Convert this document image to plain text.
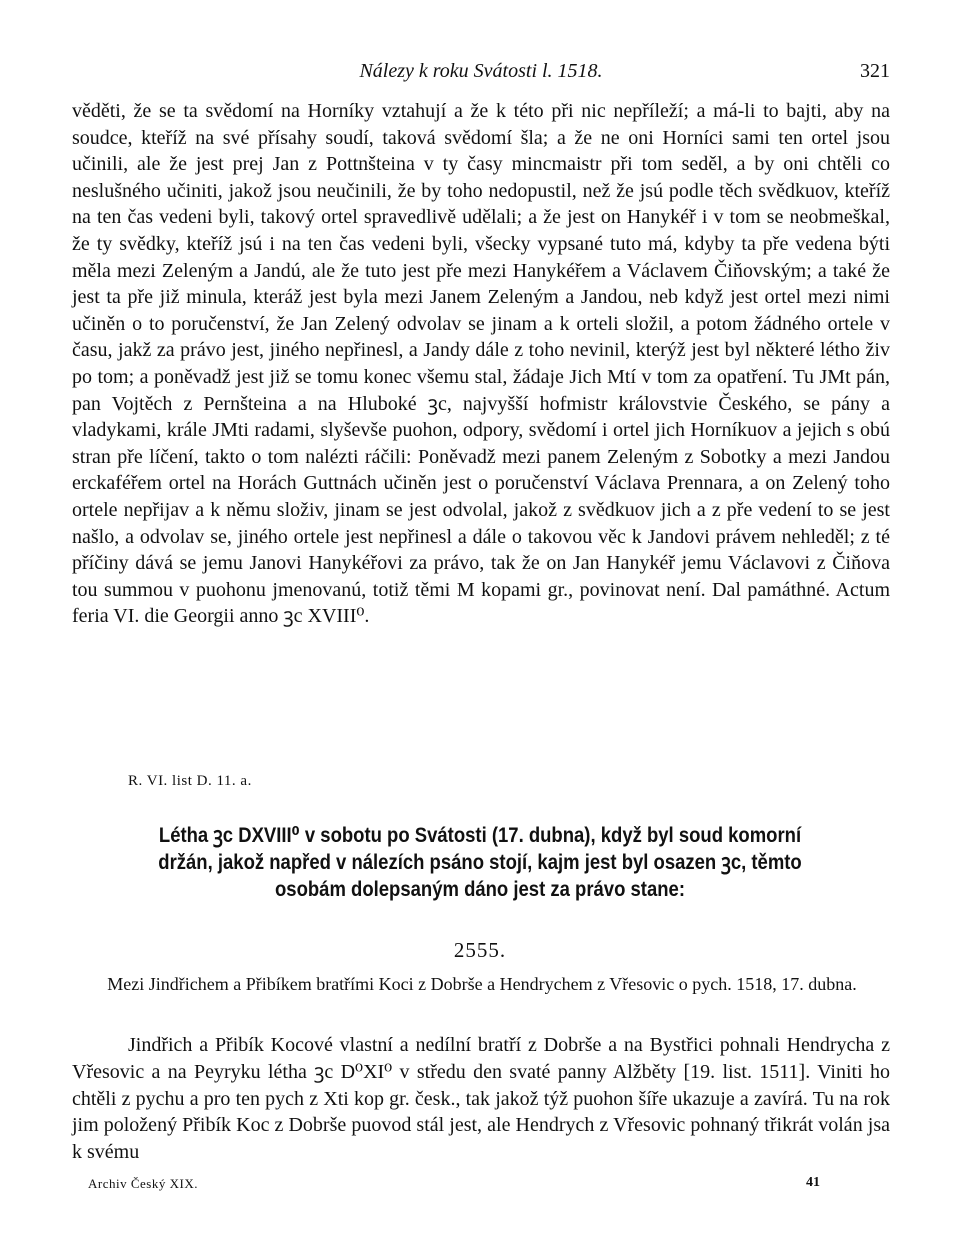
Nálezy k roku Svátosti l. 1518.	321

věděti, že se ta svědomí na Horníky vztahují a že k této při nic nepříleží; a má-li to bajti, aby na soudce, kteříž na své přísahy soudí, taková svědomí šla; a že ne oni Horníci sami ten ortel jsou učinili, ale že jest prej Jan z Pottnšteina v ty časy mincmaistr při tom seděl, a by oni chtěli co neslušného učiniti, jakož jsou neučinili, že by toho nedopustil, než že jsú podle těch svědkuov, kteříž na ten čas vedeni byli, takový ortel spravedlivě udělali; a že jest on Hanykéř i v tom se neobmeškal, že ty svědky, kteříž jsú i na ten čas vedeni byli, všecky vypsané tuto má, kdyby ta pře vedena býti měla mezi Zeleným a Jandú, ale že tuto jest pře mezi Hanykéřem a Václavem Čiňovským; a také že jest ta pře již minula, kteráž jest byla mezi Janem Zeleným a Jandou, neb když jest ortel mezi nimi učiněn o to poručenství, že Jan Zelený odvolav se jinam a k orteli složil, a potom žádného ortele v času, jakž za právo jest, jiného nepřinesl, a Jandy dále z toho nevinil, kterýž jest byl některé létho živ po tom; a poněvadž jest již se tomu konec všemu stal, žádaje Jich Mtí v tom za opatření. Tu JMt pán, pan Vojtěch z Pernšteina a na Hluboké ꝫc, najvyšší hofmistr královstvie Českého, se pány a vladykami, krále JMti radami, slyševše puohon, odpory, svědomí i ortel jich Horníkuov a jejich s obú stran pře líčení, takto o tom nalézti ráčili: Poněvadž mezi panem Zeleným z Sobotky a mezi Jandou erckaféřem ortel na Horách Guttnách učiněn jest o poručenství Václava Prennara, a on Zelený toho ortele nepřijav a k němu složiv, jinam se jest odvolal, jakož z svědkuov jich a z pře vedení to se jest našlo, a odvolav se, jiného ortele jest nepřinesl a dále o takovou věc k Jandovi právem nehleděl; z té příčiny dává se jemu Janovi Hanykéřovi za právo, tak že on Jan Hanykéř jemu Václavovi z Čiňova tou summou v puohonu jmenovanú, totiž těmi M kopami gr., povinovat není. Dal památhné. Actum feria VI. die Georgii anno ꝫc XVIII⁰.

R. VI. list D. 11. a.

Létha ꝫc DXVIII⁰ v sobotu po Svátosti (17. dubna), když byl soud komorní držán, jakož napřed v nálezích psáno stojí, kajm jest byl osazen ꝫc, těmto osobám dolepsaným dáno jest za právo stane:

2555.

Mezi Jindřichem a Přibíkem bratřími Koci z Dobrše a Hendrychem z Vřesovic o pych. 1518, 17. dubna.

Jindřich a Přibík Kocové vlastní a nedílní bratří z Dobrše a na Bystřici pohnali Hendrycha z Vřesovic a na Peyryku létha ꝫc D⁰XI⁰ v středu den svaté panny Alžběty [19. list. 1511]. Viniti ho chtěli z pychu a pro ten pych z Xti kop gr. česk., tak jakož týž puohon šíře ukazuje a zavírá. Tu na rok jim položený Přibík Koc z Dobrše puovod stál jest, ale Hendrych z Vřesovic pohnaný třikrát volán jsa k svému

Archiv Český XIX.	41
